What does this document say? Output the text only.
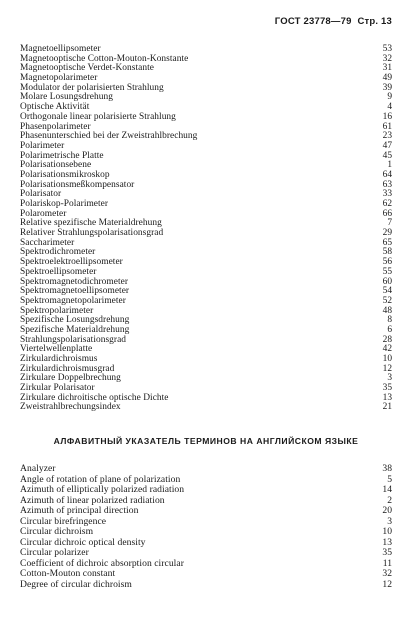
ГОСТ 23778—79 Стр. 13
Magnetoellipsometer	53
Magnetooptische Cotton-Mouton-Konstante	32
Magnetooptische Verdet-Konstante	31
Magnetopolarimeter	49
Modulator der polarisierten Strahlung	39
Molare Losungsdrehung	9
Optische Aktivität	4
Orthogonale linear polarisierte Strahlung	16
Phasenpolarimeter	61
Phasenunterschied bei der Zweistrahlbrechung	23
Polarimeter	47
Polarimetrische Platte	45
Polarisationsebene	1
Polarisationsmikroskop	64
Polarisationsmeßkompensator	63
Polarisator	33
Polariskop-Polarimeter	62
Polarometer	66
Relative spezifische Materialdrehung	7
Relativer Strahlungspolarisationsgrad	29
Saccharimeter	65
Spektrodichrometer	58
Spektroelektroellipsometer	56
Spektroellipsometer	55
Spektromagnetodichrometer	60
Spektromagnetoellipsometer	54
Spektromagnetopolarimeter	52
Spektropolarimeter	48
Spezifische Losungsdrehung	8
Spezifische Materialdrehung	6
Strahlungspolarisationsgrad	28
Viertelwellenplatte	42
Zirkulardichroismus	10
Zirkulardichroismusgrad	12
Zirkulare Doppelbrechung	3
Zirkular Polarisator	35
Zirkulare dichroitische optische Dichte	13
Zweistrahlbrechungsindex	21
АЛФАВИТНЫЙ УКАЗАТЕЛЬ ТЕРМИНОВ НА АНГЛИЙСКОМ ЯЗЫКЕ
Analyzer	38
Angle of rotation of plane of polarization	5
Azimuth of elliptically polarized radiation	14
Azimuth of linear polarized radiation	2
Azimuth of principal direction	20
Circular birefringence	3
Circular dichroism	10
Circular dichroic optical density	13
Circular polarizer	35
Coefficient of dichroic absorption circular	11
Cotton-Mouton constant	32
Degree of circular dichroism	12
